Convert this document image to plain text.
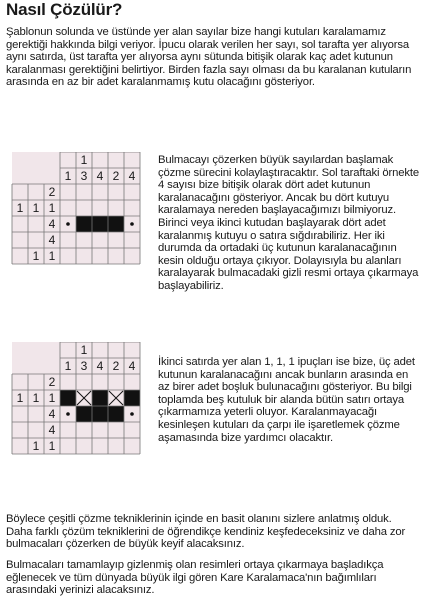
Nasıl Çözülür?

Şablonun solunda ve üstünde yer alan sayılar bize hangi kutuları karalamamız gerektiği hakkında bilgi veriyor. İpucu olarak verilen her sayı, sol tarafta yer alıyorsa aynı satırda, üst tarafta yer alıyorsa aynı sütunda bitişik olarak kaç adet kutunun karalanması gerektiğini belirtiyor. Birden fazla sayı olması da bu karalanan kutuların arasında en az bir adet karalanmamış kutu olacağını gösteriyor.

1
1
3 4 2 4
2
1 1 1
4
4
1 1

Bulmacayı çözerken büyük sayılardan başlamak çözme sürecini kolaylaştıracaktır. Sol taraftaki örnekte 4 sayısı bize bitişik olarak dört adet kutunun karalanacağını gösteriyor. Ancak bu dört kutuyu karalamaya nereden başlayacağımızı bilmiyoruz. Birinci veya ikinci kutudan başlayarak dört adet karalanmış kutuyu o satıra sığdırabiliriz. Her iki durumda da ortadaki üç kutunun karalanacağının kesin olduğu ortaya çıkıyor. Dolayısıyla bu alanları karalayarak bulmacadaki gizli resmi ortaya çıkarmaya başlayabiliriz.

1
1
3 4 2 4
2
1 1 1
4
4
1 1

İkinci satırda yer alan 1, 1, 1 ipuçları ise bize, üç adet kutunun karalanacağını ancak bunların arasında en az birer adet boşluk bulunacağını gösteriyor. Bu bilgi toplamda beş kutuluk bir alanda bütün satırı ortaya çıkarmamıza yeterli oluyor. Karalanmayacağı kesinleşen kutuları da çarpı ile işaretlemek çözme aşamasında bize yardımcı olacaktır.

Böylece çeşitli çözme tekniklerinin içinde en basit olanını sizlere anlatmış olduk. Daha farklı çözüm tekniklerini de öğrendikçe kendiniz keşfedeceksiniz ve daha zor bulmacaları çözerken de büyük keyif alacaksınız.

Bulmacaları tamamlayıp gizlenmiş olan resimleri ortaya çıkarmaya başladıkça eğlenecek ve tüm dünyada büyük ilgi gören Kare Karalamaca'nın bağımlıları arasındaki yerinizi alacaksınız.
